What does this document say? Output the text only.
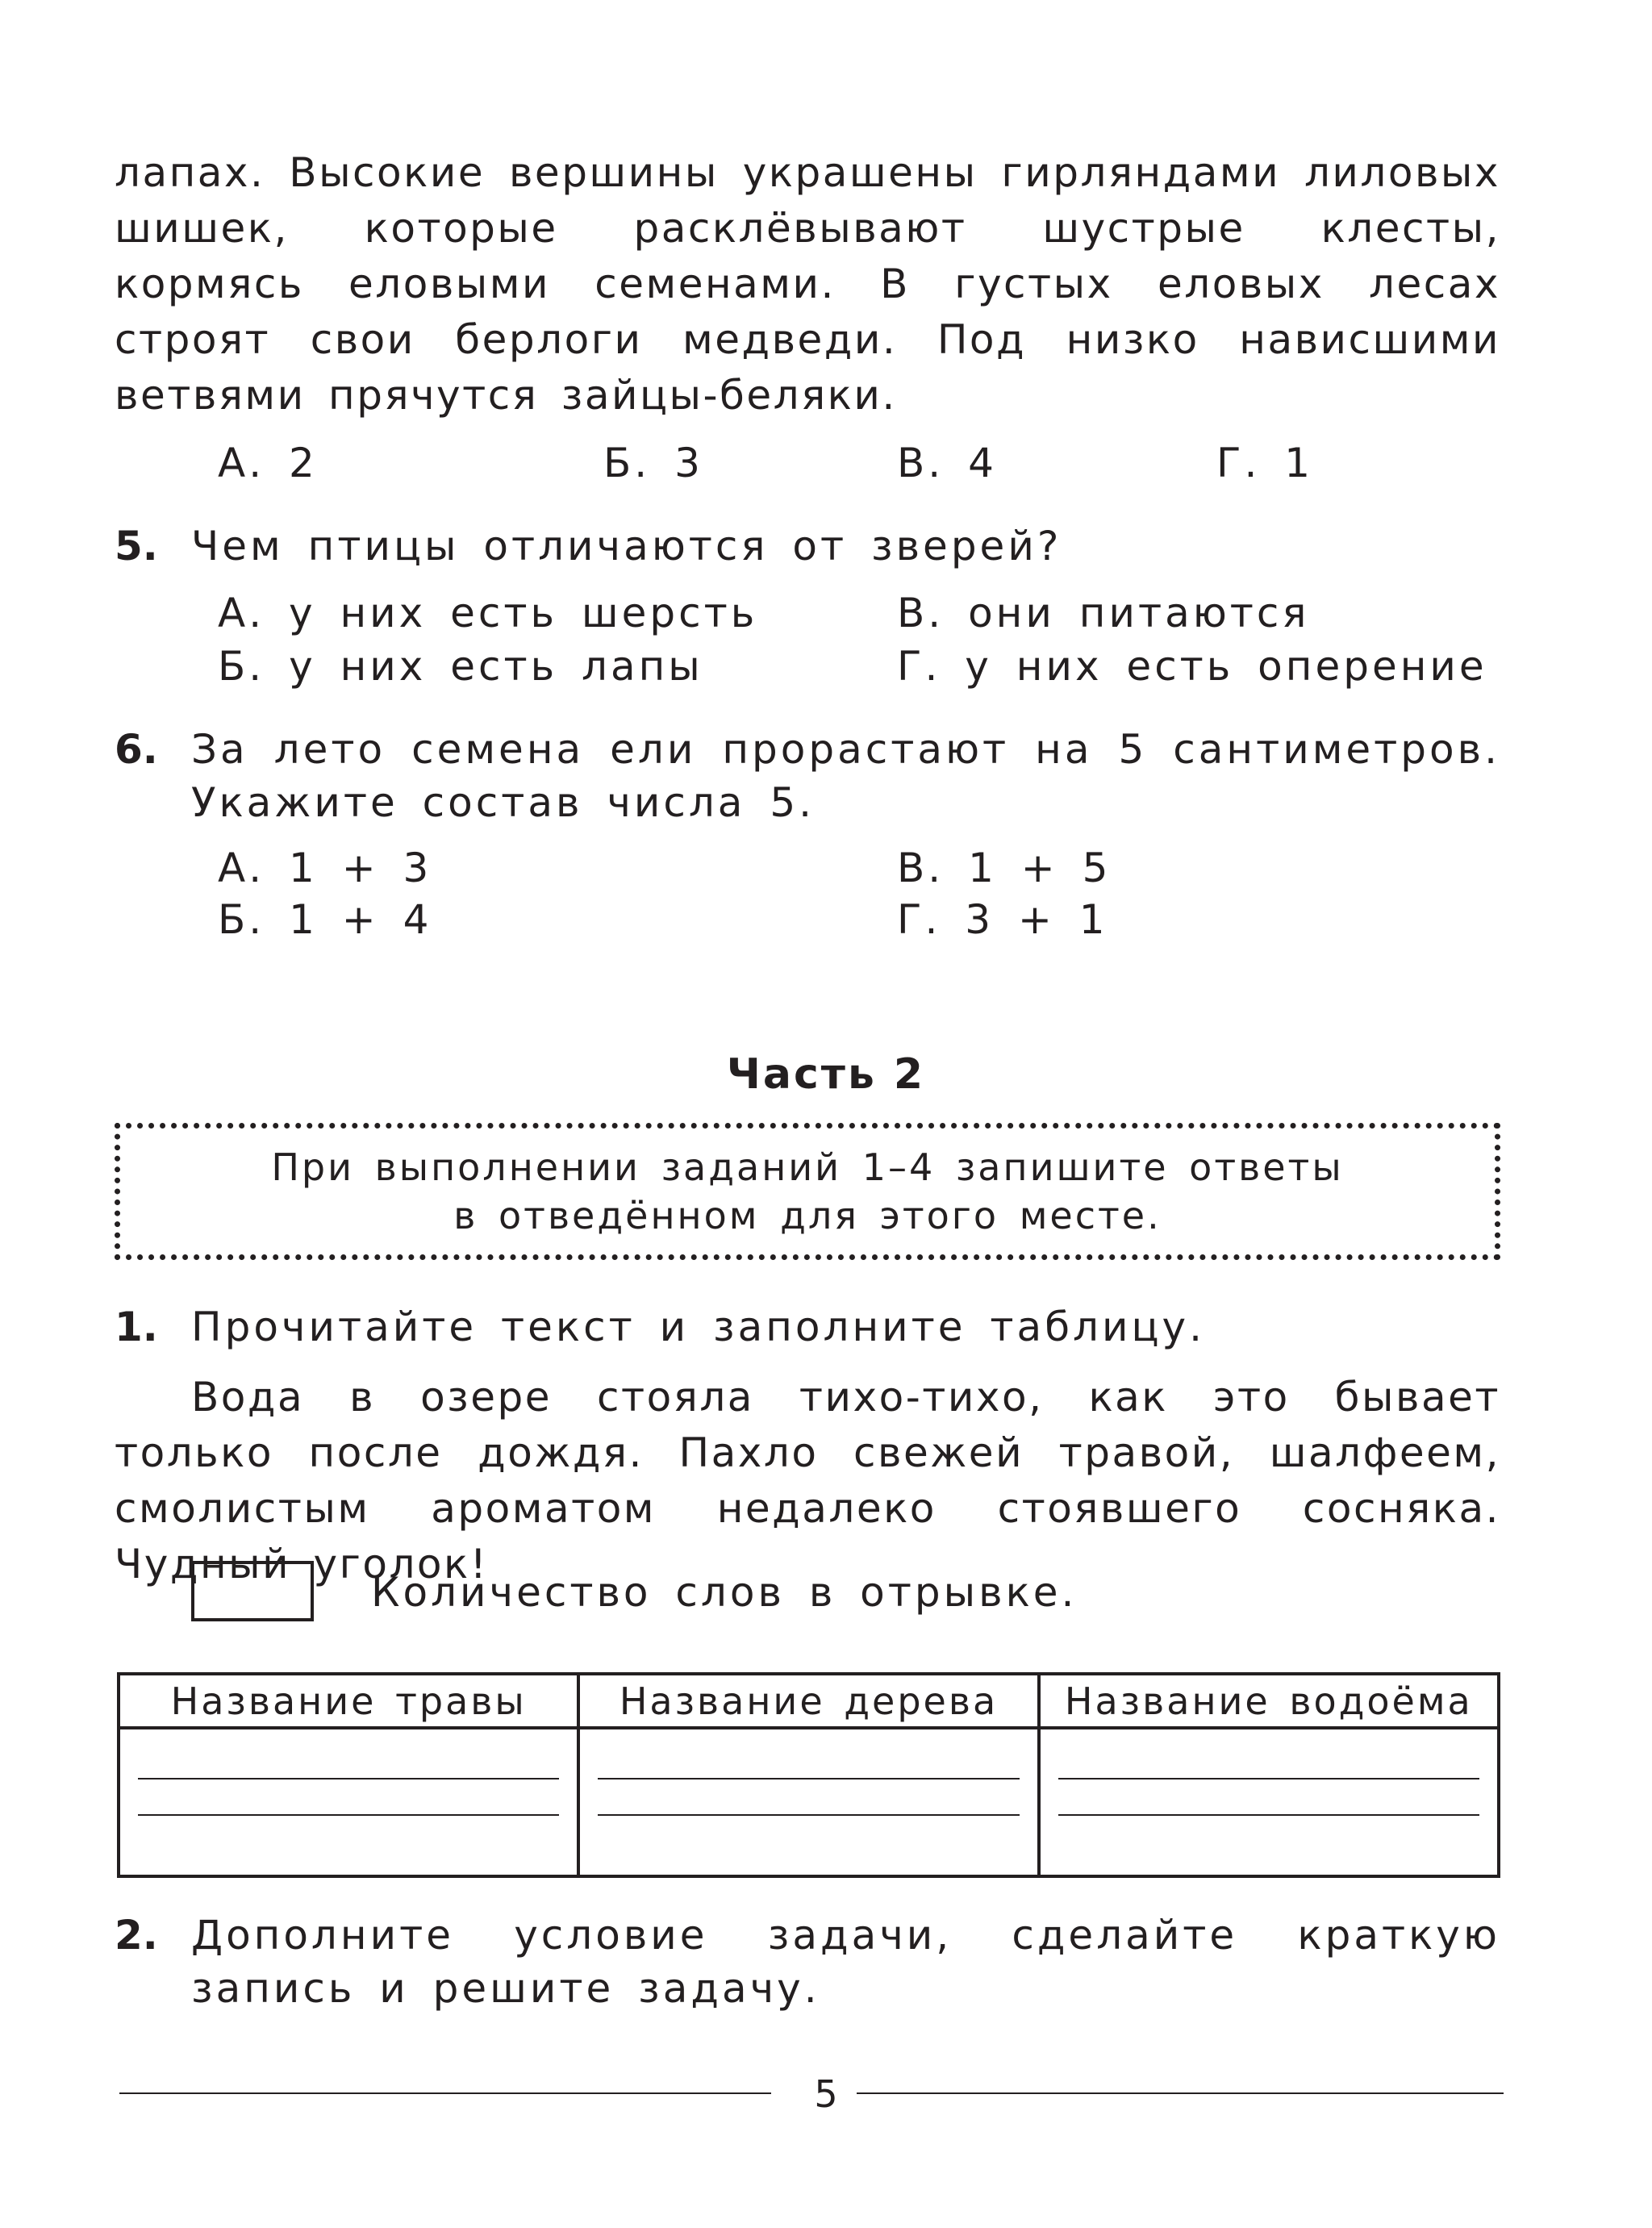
лапах. Высокие вершины украшены гирляндами лиловых шишек, которые расклёвывают шустрые клесты, кормясь еловыми семенами. В густых еловых лесах строят свои берлоги медведи. Под низко нависшими ветвями прячутся зайцы-беляки.

А. 2	Б. 3	В. 4	Г. 1
5. Чем птицы отличаются от зверей?

А. у них есть шерсть
Б. у них есть лапы
В. они питаются
Г. у них есть оперение
6. За лето семена ели прорастают на 5 сантиметров. Укажите состав числа 5.

А. 1 + 3
Б. 1 + 4
В. 1 + 5
Г. 3 + 1
Часть 2
При выполнении заданий 1–4 запишите ответы
в отведённом для этого месте.
1. Прочитайте текст и заполните таблицу.

Вода в озере стояла тихо-тихо, как это бывает только после дождя. Пахло свежей травой, шалфеем, смолистым ароматом недалеко стоявшего сосняка. Чудный уголок!

Количество слов в отрывке.
Название травы	Название дерева	Название водоёма

2. Дополните условие задачи, сделайте краткую запись и решите задачу.

5
